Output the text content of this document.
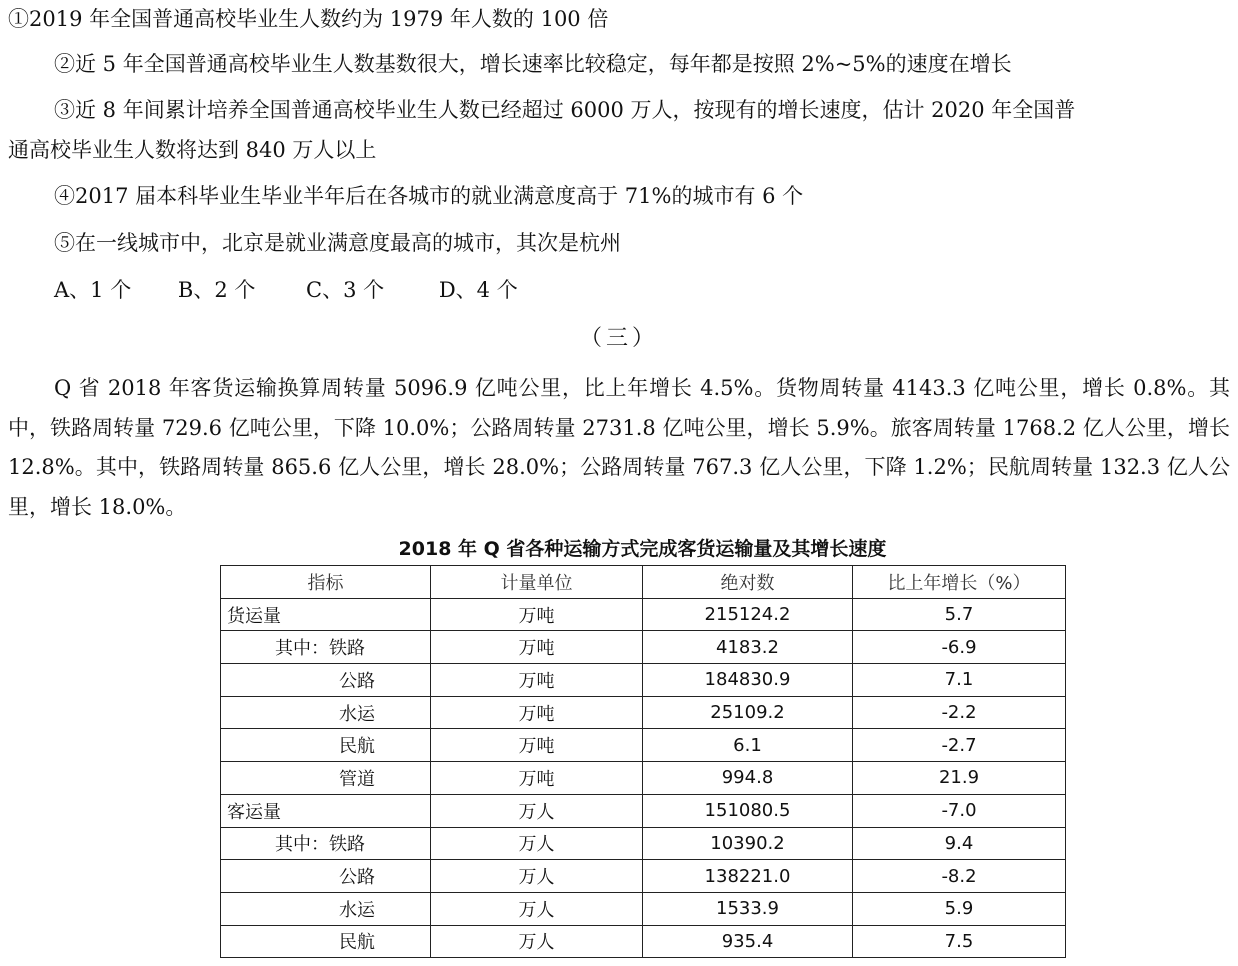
①2019 年全国普通高校毕业生人数约为 1979 年人数的 100 倍
②近 5 年全国普通高校毕业生人数基数很大，增长速率比较稳定，每年都是按照 2%~5%的速度在增长
③近 8 年间累计培养全国普通高校毕业生人数已经超过 6000 万人，按现有的增长速度，估计 2020 年全国普
通高校毕业生人数将达到 840 万人以上
④2017 届本科毕业生毕业半年后在各城市的就业满意度高于 71%的城市有 6 个
⑤在一线城市中，北京是就业满意度最高的城市，其次是杭州
A、1 个 B、2 个 C、3 个	D、4 个
（三）
Q 省 2018 年客货运输换算周转量 5096.9 亿吨公里，比上年增长 4.5%。货物周转量 4143.3 亿吨公里，增长 0.8%。其中，铁路周转量 729.6 亿吨公里，下降 10.0%；公路周转量 2731.8 亿吨公里，增长 5.9%。旅客周转量 1768.2 亿人公里，增长 12.8%。其中，铁路周转量 865.6 亿人公里，增长 28.0%；公路周转量 767.3 亿人公里，下降 1.2%；民航周转量 132.3 亿人公里，增长 18.0%。
2018 年 Q 省各种运输方式完成客货运输量及其增长速度
指标	计量单位	绝对数	比上年增长（%）
货运量	万吨	215124.2	5.7
其中：铁路	万吨	4183.2	-6.9
公路	万吨	184830.9	7.1
水运	万吨	25109.2	-2.2
民航	万吨	6.1	-2.7
管道	万吨	994.8	21.9
客运量	万人	151080.5	-7.0
其中：铁路	万人	10390.2	9.4
公路	万人	138221.0	-8.2
水运	万人	1533.9	5.9
民航	万人	935.4	7.5
